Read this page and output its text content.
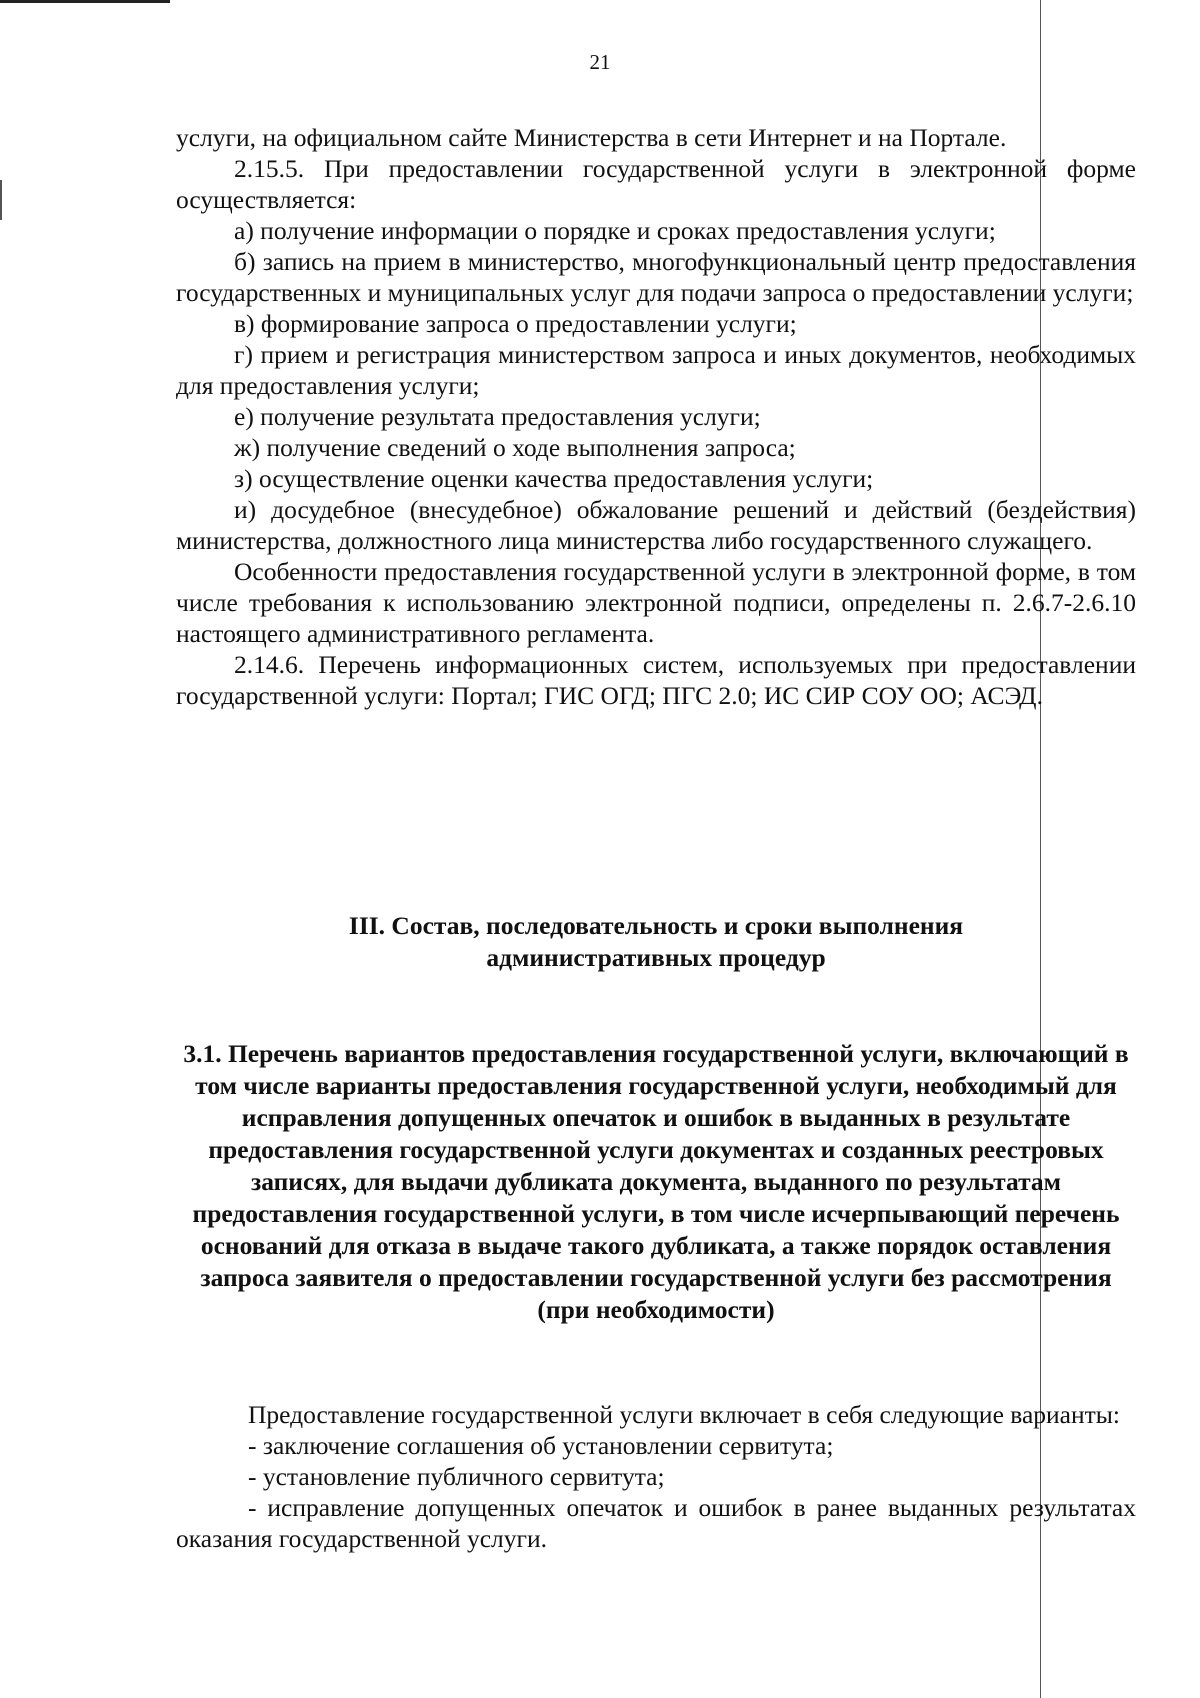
21

услуги, на официальном сайте Министерства в сети Интернет и на Портале.

2.15.5. При предоставлении государственной услуги в электронной форме осуществляется:

а) получение информации о порядке и сроках предоставления услуги;

б) запись на прием в министерство, многофункциональный центр предоставления государственных и муниципальных услуг для подачи запроса о предоставлении услуги;

в) формирование запроса о предоставлении услуги;

г) прием и регистрация министерством запроса и иных документов, необходимых для предоставления услуги;

е) получение результата предоставления услуги;

ж) получение сведений о ходе выполнения запроса;

з) осуществление оценки качества предоставления услуги;

и) досудебное (внесудебное) обжалование решений и действий (бездействия) министерства, должностного лица министерства либо государственного служащего.

Особенности предоставления государственной услуги в электронной форме, в том числе требования к использованию электронной подписи, определены п. 2.6.7-2.6.10 настоящего административного регламента.

2.14.6. Перечень информационных систем, используемых при предоставлении государственной услуги: Портал; ГИС ОГД; ПГС 2.0; ИС СИР СОУ ОО; АСЭД.

III. Состав, последовательность и сроки выполнения
административных процедур
3.1. Перечень вариантов предоставления государственной услуги, включающий в том числе варианты предоставления государственной услуги, необходимый для исправления допущенных опечаток и ошибок в выданных в результате предоставления государственной услуги документах и созданных реестровых записях, для выдачи дубликата документа, выданного по результатам предоставления государственной услуги, в том числе исчерпывающий перечень оснований для отказа в выдаче такого дубликата, а также порядок оставления запроса заявителя о предоставлении государственной услуги без рассмотрения (при необходимости)

Предоставление государственной услуги включает в себя следующие варианты:

- заключение соглашения об установлении сервитута;

- установление публичного сервитута;

- исправление допущенных опечаток и ошибок в ранее выданных результатах оказания государственной услуги.
